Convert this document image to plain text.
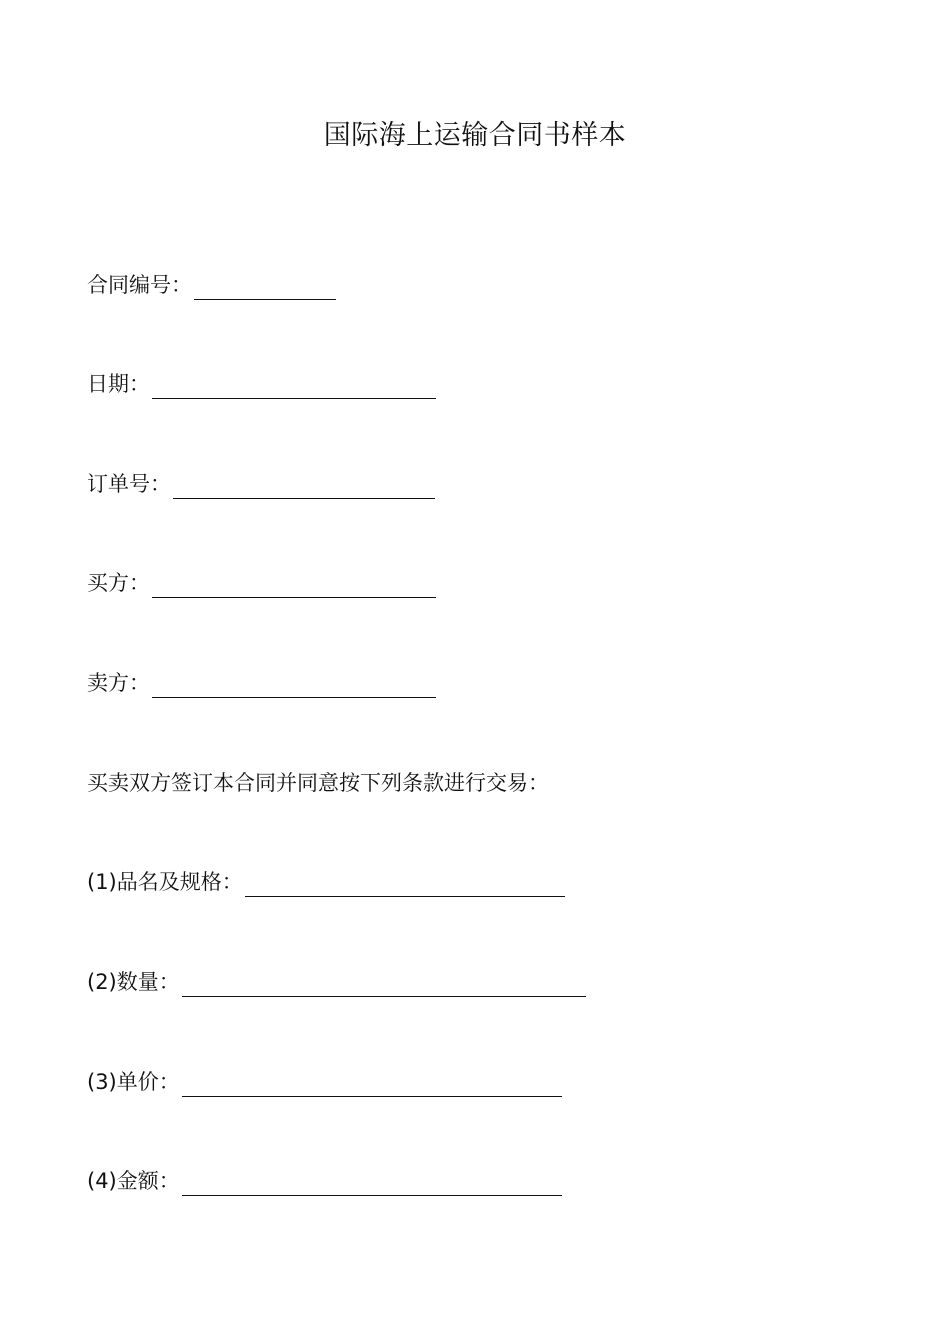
国际海上运输合同书样本
合同编号：
日期：
订单号：
买方：
卖方：
买卖双方签订本合同并同意按下列条款进行交易：
(1)品名及规格：
(2)数量：
(3)单价：
(4)金额：
